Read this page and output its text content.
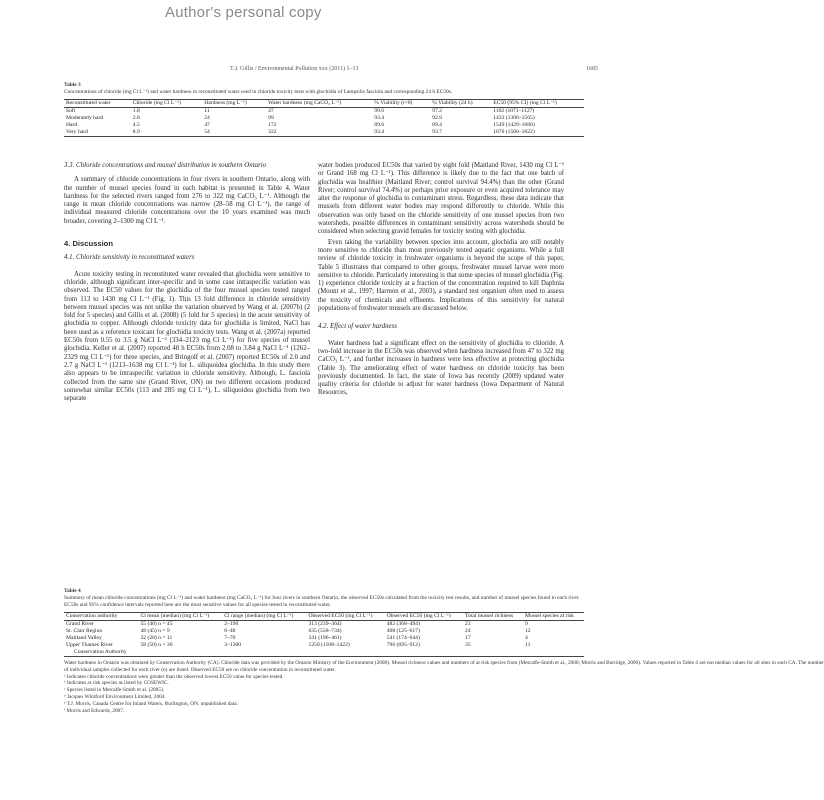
Author's personal copy
T.J. Gillis / Environmental Pollution xxx (2011) 1–13	1685
Table 3
Concentrations of chloride (mg Cl L⁻¹) and water hardness in reconstituted water used in chloride toxicity tests with glochidia of Lampsilis fasciola and corresponding 24 h EC50s.
Reconstituted water	Chloride (mg Cl L⁻¹)	Hardness (mg L⁻¹)	Water hardness (mg CaCO₃ L⁻¹)	% Viability (t=0)	% Viability (24 h)	EC50 (95% CI) (mg Cl L⁻¹)
Soft	1.8	11	47	99.6	97.2	1102 (1071–1127)
Moderately hard	2.8	24	99	93.4	92.9	1433 (1306–1565)
Hard	4.5	47	172	89.6	89.4	1549 (1429–1680)
Very hard	8.9	54	322	93.4	93.7	1670 (1560–1822)
3.3. Chloride concentrations and mussel distribution in southern Ontario

A summary of chloride concentrations in four rivers in southern Ontario, along with the number of mussel species found in each habitat is presented in Table 4. Water hardness for the selected rivers ranged from 276 to 322 mg CaCO₃ L⁻¹. Although the range in mean chloride concentrations was narrow (28–58 mg Cl L⁻¹), the range of individual measured chloride concentrations over the 10 years examined was much broader, covering 2–1300 mg Cl L⁻¹.

4. Discussion
4.1. Chloride sensitivity in reconstituted waters

Acute toxicity testing in reconstituted water revealed that glochidia were sensitive to chloride, although significant inter-specific and in some case intraspecific variation was observed. The EC50 values for the glochidia of the four mussel species tested ranged from 113 to 1430 mg Cl L⁻¹ (Fig. 1). This 13 fold difference in chloride sensitivity between mussel species was not unlike the variation observed by Wang et al. (2007b) (2 fold for 5 species) and Gillis et al. (2008) (5 fold for 5 species) in the acute sensitivity of glochidia to copper. Although chloride toxicity data for glochidia is limited, NaCl has been used as a reference toxicant for glochidia toxicity tests. Wang et al. (2007a) reported EC50s from 0.55 to 3.5 g NaCl L⁻¹ (334–2123 mg Cl L⁻¹) for five species of mussel glochidia. Keller et al. (2007) reported 48 h EC50s from 2.08 to 3.84 g NaCl L⁻¹ (1262–2329 mg Cl L⁻¹) for three species, and Bringolf et al. (2007) reported EC50s of 2.0 and 2.7 g NaCl L⁻¹ (1213–1638 mg Cl L⁻¹) for L. siliquoidea glochidia. In this study there also appears to be intraspecific variation in chloride sensitivity. Although, L. fasciola collected from the same site (Grand River, ON) on two different occasions produced somewhat similar EC50s (113 and 285 mg Cl L⁻¹), L. siliquoidea glochidia from two separate

water bodies produced EC50s that varied by eight fold (Maitland River, 1430 mg Cl L⁻¹ or Grand 168 mg Cl L⁻¹). This difference is likely due to the fact that one batch of glochidia was healthier (Maitland River; control survival 94.4%) than the other (Grand River; control survival 74.4%) or perhaps prior exposure or even acquired tolerance may alter the response of glochidia to contaminant stress. Regardless, these data indicate that mussels from different water bodies may respond differently to chloride. While this observation was only based on the chloride sensitivity of one mussel species from two watersheds, possible differences in contaminant sensitivity across watersheds should be considered when selecting gravid females for toxicity testing with glochidia.

Even taking the variability between species into account, glochidia are still notably more sensitive to chloride than most previously tested aquatic organisms. While a full review of chloride toxicity in freshwater organisms is beyond the scope of this paper, Table 5 illustrates that compared to other groups, freshwater mussel larvae were more sensitive to chloride. Particularly interesting is that some species of mussel glochidia (Fig. 1) experience chloride toxicity at a fraction of the concentration required to kill Daphnia (Mount et al., 1997; Harmon et al., 2003), a standard test organism often used to assess the toxicity of chemicals and effluents. Implications of this sensitivity for natural populations of freshwater mussels are discussed below.

4.2. Effect of water hardness

Water hardness had a significant effect on the sensitivity of glochidia to chloride. A two-fold increase in the EC50s was observed when hardness increased from 47 to 322 mg CaCO₃ L⁻¹, and further increases in hardness were less effective at protecting glochidia (Table 3). The ameliorating effect of water hardness on chloride toxicity has been previously documented. In fact, the state of Iowa has recently (2009) updated water quality criteria for chloride to adjust for water hardness (Iowa Department of Natural Resources,

Table 4
Summary of mean chloride concentrations (mg Cl L⁻¹) and water hardness (mg CaCO₃ L⁻¹) for four rivers in southern Ontario, the observed EC50s calculated from the toxicity test results, and number of mussel species found in each river. EC50s and 95% confidence intervals reported here are the most sensitive values for all species tested in reconstituted water.
Conservation authority	Cl mean (median) (mg Cl L⁻¹)	Cl range (median) (mg Cl L⁻¹)	Observed EC50 (mg Cl L⁻¹)	Observed EC50 (mg Cl L⁻¹)	Total mussel richness	Mussel species at risk
Grand River	55 (48) n = 45	2–190	313 (239–364)	482 (368–494)	23	9
St. Clair Region	48 (45) n = 9	6–40	635 (558–734)	408 (125–617)	24	12
Maitland Valley	32 (28) n = 11	7–70	341 (196–461)	541 (174–644)	17	4
Upper Thames River	58 (50) n = 36	3–1300	1250 (1108–1422)	796 (695–912)	35	11
Conservation Authority						
Water hardness in Ontario was obtained by Conservation Authority (CA). Chloride data was provided by the Ontario Ministry of the Environment (2008). Mussel richness values and numbers of at risk species from (Metcalfe-Smith et al., 2000; Morris and Burridge, 2006). Values reported in Table 4 are not median values for all sites in each CA. The number
of individual samples collected for each river (n) are listed. Observed EC50 are on chloride concentration in reconstituted water.
ᵃ Indicates chloride concentrations were greater than the observed lowest EC50 value for species tested.
ᵇ Indicates at risk species as listed by COSEWIC.
ᶜ Species listed in Metcalfe-Smith et al. (2005).
ᵈ Jacques Whitford Environment Limited, 2004.
ᵉ T.J. Morris, Canada Centre for Inland Waters, Burlington, ON. unpublished data.
ᶠ Morris and Edwards, 2007.
